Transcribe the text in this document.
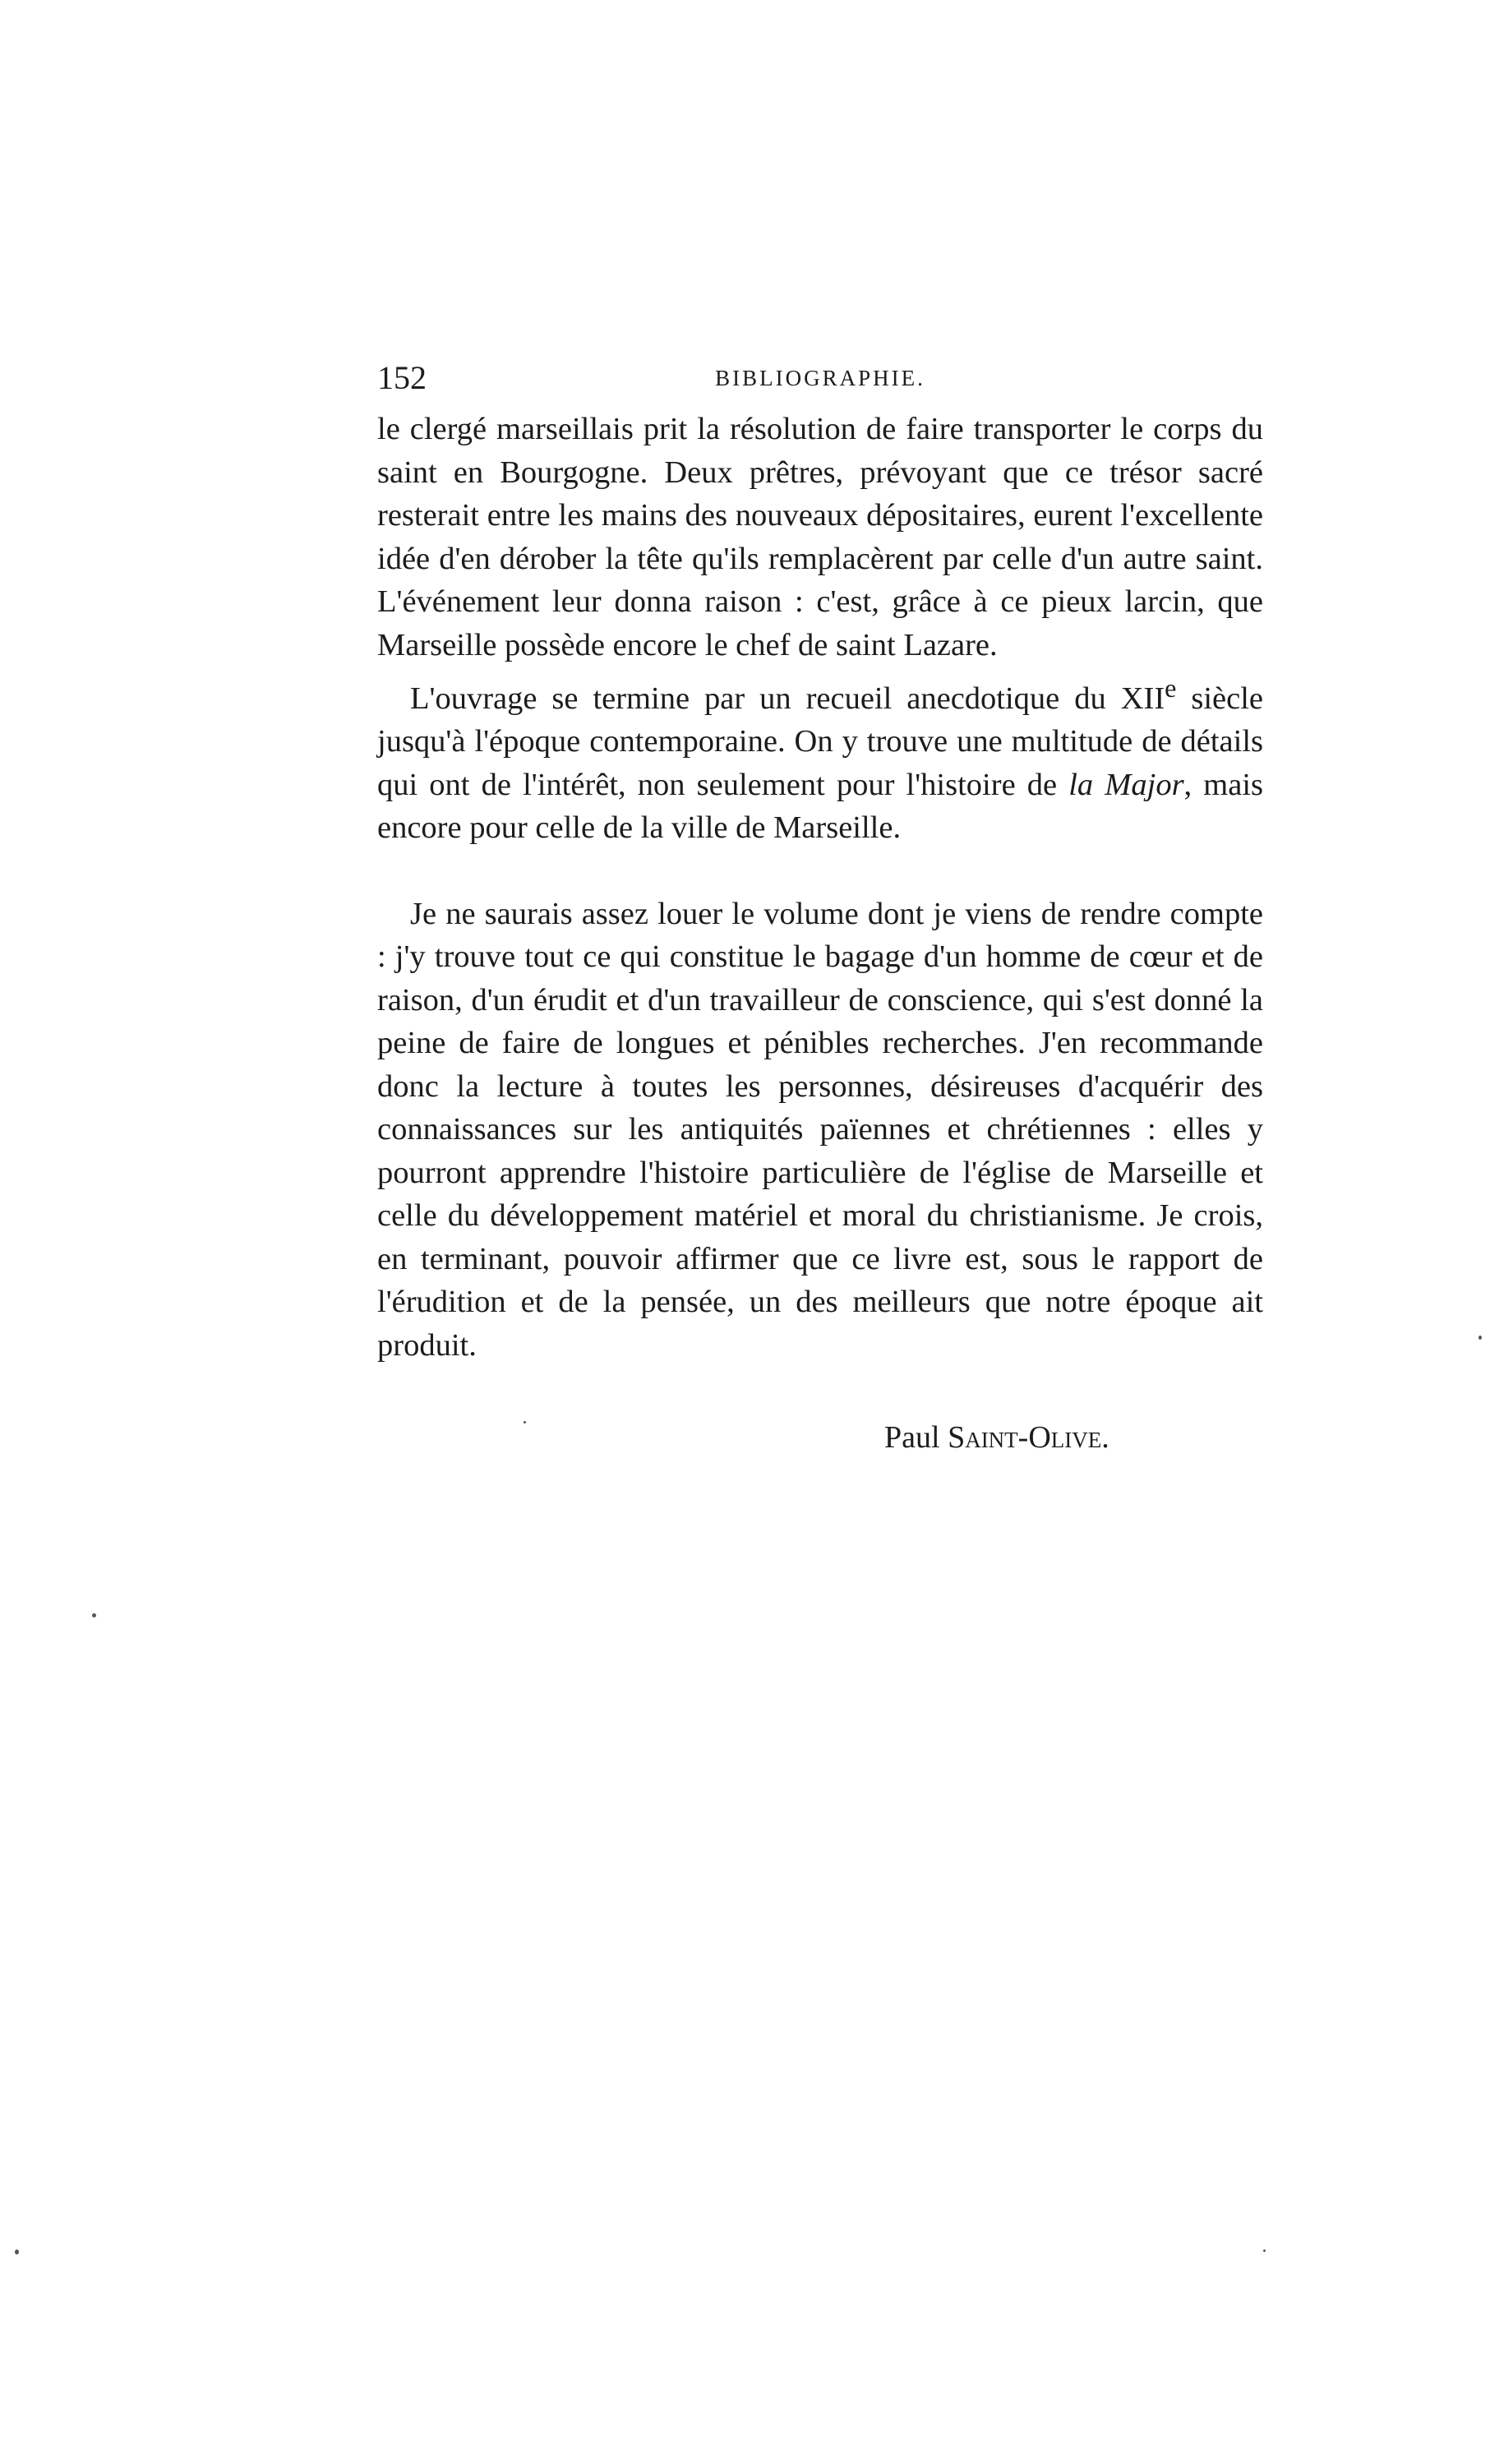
152	BIBLIOGRAPHIE.

le clergé marseillais prit la résolution de faire transporter le corps du saint en Bourgogne. Deux prêtres, prévoyant que ce trésor sacré resterait entre les mains des nouveaux dépositaires, eurent l'excellente idée d'en dérober la tête qu'ils remplacèrent par celle d'un autre saint. L'événement leur donna raison : c'est, grâce à ce pieux larcin, que Marseille possède encore le chef de saint Lazare.

L'ouvrage se termine par un recueil anecdotique du XIIe siècle jusqu'à l'époque contemporaine. On y trouve une multitude de détails qui ont de l'intérêt, non seulement pour l'histoire de la Major, mais encore pour celle de la ville de Marseille.

Je ne saurais assez louer le volume dont je viens de rendre compte : j'y trouve tout ce qui constitue le bagage d'un homme de cœur et de raison, d'un érudit et d'un travailleur de conscience, qui s'est donné la peine de faire de longues et pénibles recherches. J'en recommande donc la lecture à toutes les personnes, désireuses d'acquérir des connaissances sur les antiquités païennes et chrétiennes : elles y pourront apprendre l'histoire particulière de l'église de Marseille et celle du développement matériel et moral du christianisme. Je crois, en terminant, pouvoir affirmer que ce livre est, sous le rapport de l'érudition et de la pensée, un des meilleurs que notre époque ait produit.

Paul Saint-Olive.
